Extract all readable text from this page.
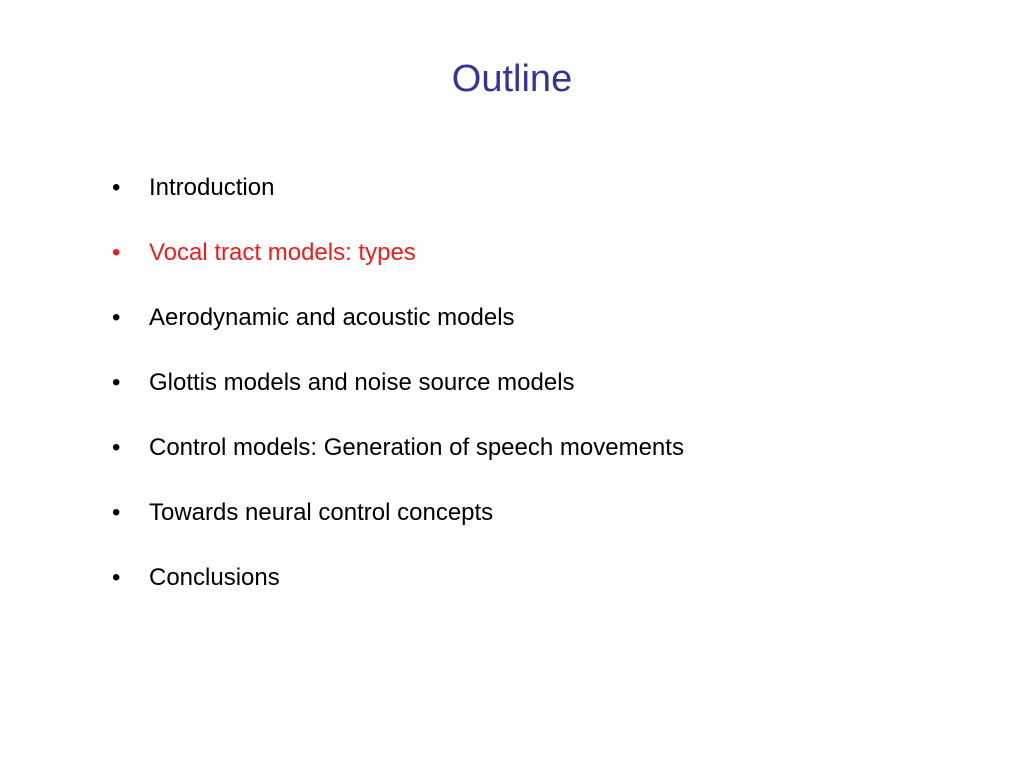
Outline
•	Introduction
•	Vocal tract models: types
•	Aerodynamic and acoustic models
•	Glottis models and noise source models
•	Control models: Generation of speech movements
•	Towards neural control concepts
•	Conclusions
